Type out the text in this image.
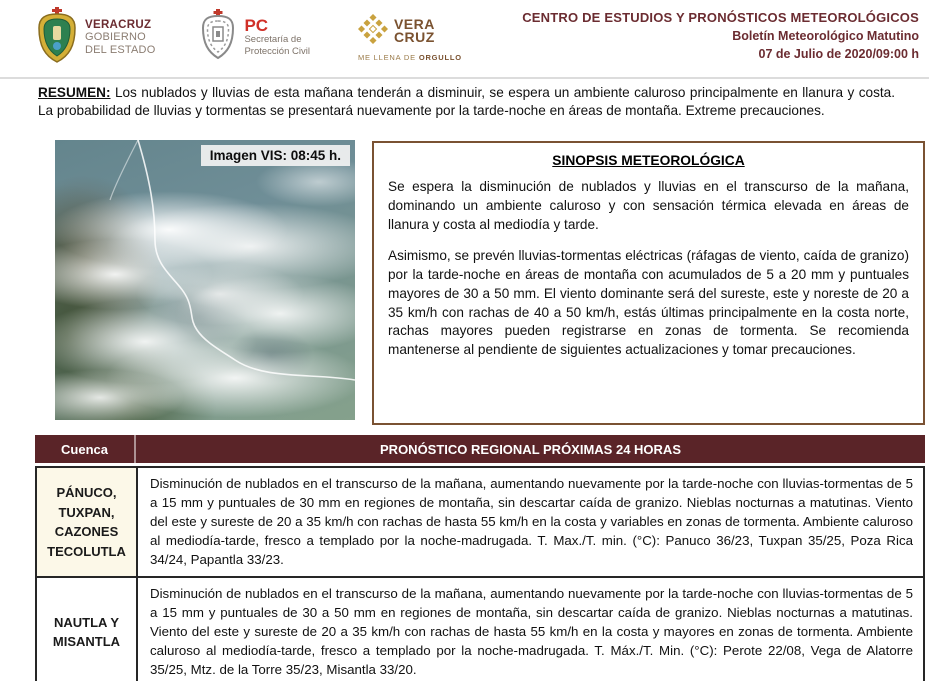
VERACRUZ
GOBIERNO
DEL ESTADO
PC
Secretaría de
Protección Civil
VERA
CRUZ
ME LLENA DE ORGULLO
CENTRO DE ESTUDIOS Y PRONÓSTICOS METEOROLÓGICOS
Boletín Meteorológico Matutino
07 de Julio de 2020/09:00 h
RESUMEN: Los nublados y lluvias de esta mañana tenderán a disminuir, se espera un ambiente caluroso principalmente en llanura y costa. La probabilidad de lluvias y tormentas se presentará nuevamente por la tarde-noche en áreas de montaña. Extreme precauciones.
Imagen VIS: 08:45 h.	SINOPSIS METEOROLÓGICA

Se espera la disminución de nublados y lluvias en el transcurso de la mañana, dominando un ambiente caluroso y con sensación térmica elevada en áreas de llanura y costa al mediodía y tarde.

Asimismo, se prevén lluvias-tormentas eléctricas (ráfagas de viento, caída de granizo) por la tarde-noche en áreas de montaña con acumulados de 5 a 20 mm y puntuales mayores de 30 a 50 mm. El viento dominante será del sureste, este y noreste de 20 a 35 km/h con rachas de 40 a 50 km/h, estás últimas principalmente en la costa norte, rachas mayores pueden registrarse en zonas de tormenta. Se recomienda mantenerse al pendiente de siguientes actualizaciones y tomar precauciones.

Cuenca	PRONÓSTICO REGIONAL PRÓXIMAS 24 HORAS
PÁNUCO, TUXPAN, CAZONES TECOLUTLA
Disminución de nublados en el transcurso de la mañana, aumentando nuevamente por la tarde-noche con lluvias-tormentas de 5 a 15 mm y puntuales de 30 mm en regiones de montaña, sin descartar caída de granizo. Nieblas nocturnas a matutinas. Viento del este y sureste de 20 a 35 km/h con rachas de hasta 55 km/h en la costa y variables en zonas de tormenta. Ambiente caluroso al mediodía-tarde, fresco a templado por la noche-madrugada. T. Max./T. min. (°C): Panuco 36/23, Tuxpan 35/25, Poza Rica 34/24, Papantla 33/23.
NAUTLA Y MISANTLA
Disminución de nublados en el transcurso de la mañana, aumentando nuevamente por la tarde-noche con lluvias-tormentas de 5 a 15 mm y puntuales de 30 a 50 mm en regiones de montaña, sin descartar caída de granizo. Nieblas nocturnas a matutinas. Viento del este y sureste de 20 a 35 km/h con rachas de hasta 55 km/h en la costa y mayores en zonas de tormenta. Ambiente caluroso al mediodía-tarde, fresco a templado por la noche-madrugada. T. Máx./T. Min. (°C): Perote 22/08, Vega de Alatorre 35/25, Mtz. de la Torre 35/23, Misantla 33/20.
